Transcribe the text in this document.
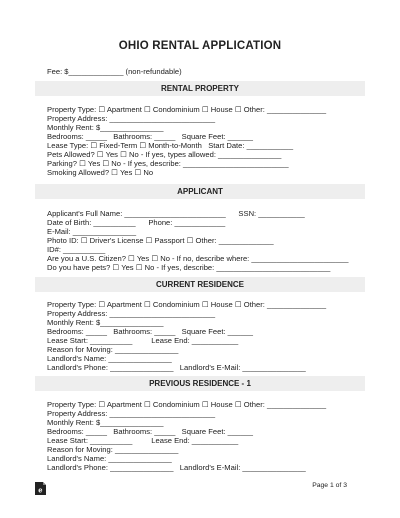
OHIO RENTAL APPLICATION
Fee: $_____________ (non-refundable)
RENTAL PROPERTY
Property Type: ☐ Apartment ☐ Condominium ☐ House ☐ Other: ______________
Property Address: _________________________
Monthly Rent: $_______________
Bedrooms: _____   Bathrooms: _____   Square Feet: ______
Lease Type: ☐ Fixed-Term ☐ Month-to-Month   Start Date: ___________
Pets Allowed? ☐ Yes ☐ No - If yes, types allowed: _______________
Parking? ☐ Yes ☐ No - If yes, describe: _________________________
Smoking Allowed? ☐ Yes ☐ No
APPLICANT
Applicant's Full Name: ________________________      SSN: ___________
Date of Birth: __________      Phone: ____________
E-Mail: _______________
Photo ID: ☐ Driver's License ☐ Passport ☐ Other: _____________
ID#: __________
Are you a U.S. Citizen? ☐ Yes ☐ No - If no, describe where: _______________________
Do you have pets? ☐ Yes ☐ No - If yes, describe: ___________________________
CURRENT RESIDENCE
Property Type: ☐ Apartment ☐ Condominium ☐ House ☐ Other: ______________
Property Address: _________________________
Monthly Rent: $_______________
Bedrooms: _____   Bathrooms: _____   Square Feet: ______
Lease Start: __________         Lease End: ___________
Reason for Moving: _______________
Landlord's Name: _______________
Landlord's Phone: _______________   Landlord's E-Mail: _______________
PREVIOUS RESIDENCE - 1
Property Type: ☐ Apartment ☐ Condominium ☐ House ☐ Other: ______________
Property Address: _________________________
Monthly Rent: $_______________
Bedrooms: _____   Bathrooms: _____   Square Feet: ______
Lease Start: __________         Lease End: ___________
Reason for Moving: _______________
Landlord's Name: _______________
Landlord's Phone: _______________   Landlord's E-Mail: _______________
e	Page 1 of 3
